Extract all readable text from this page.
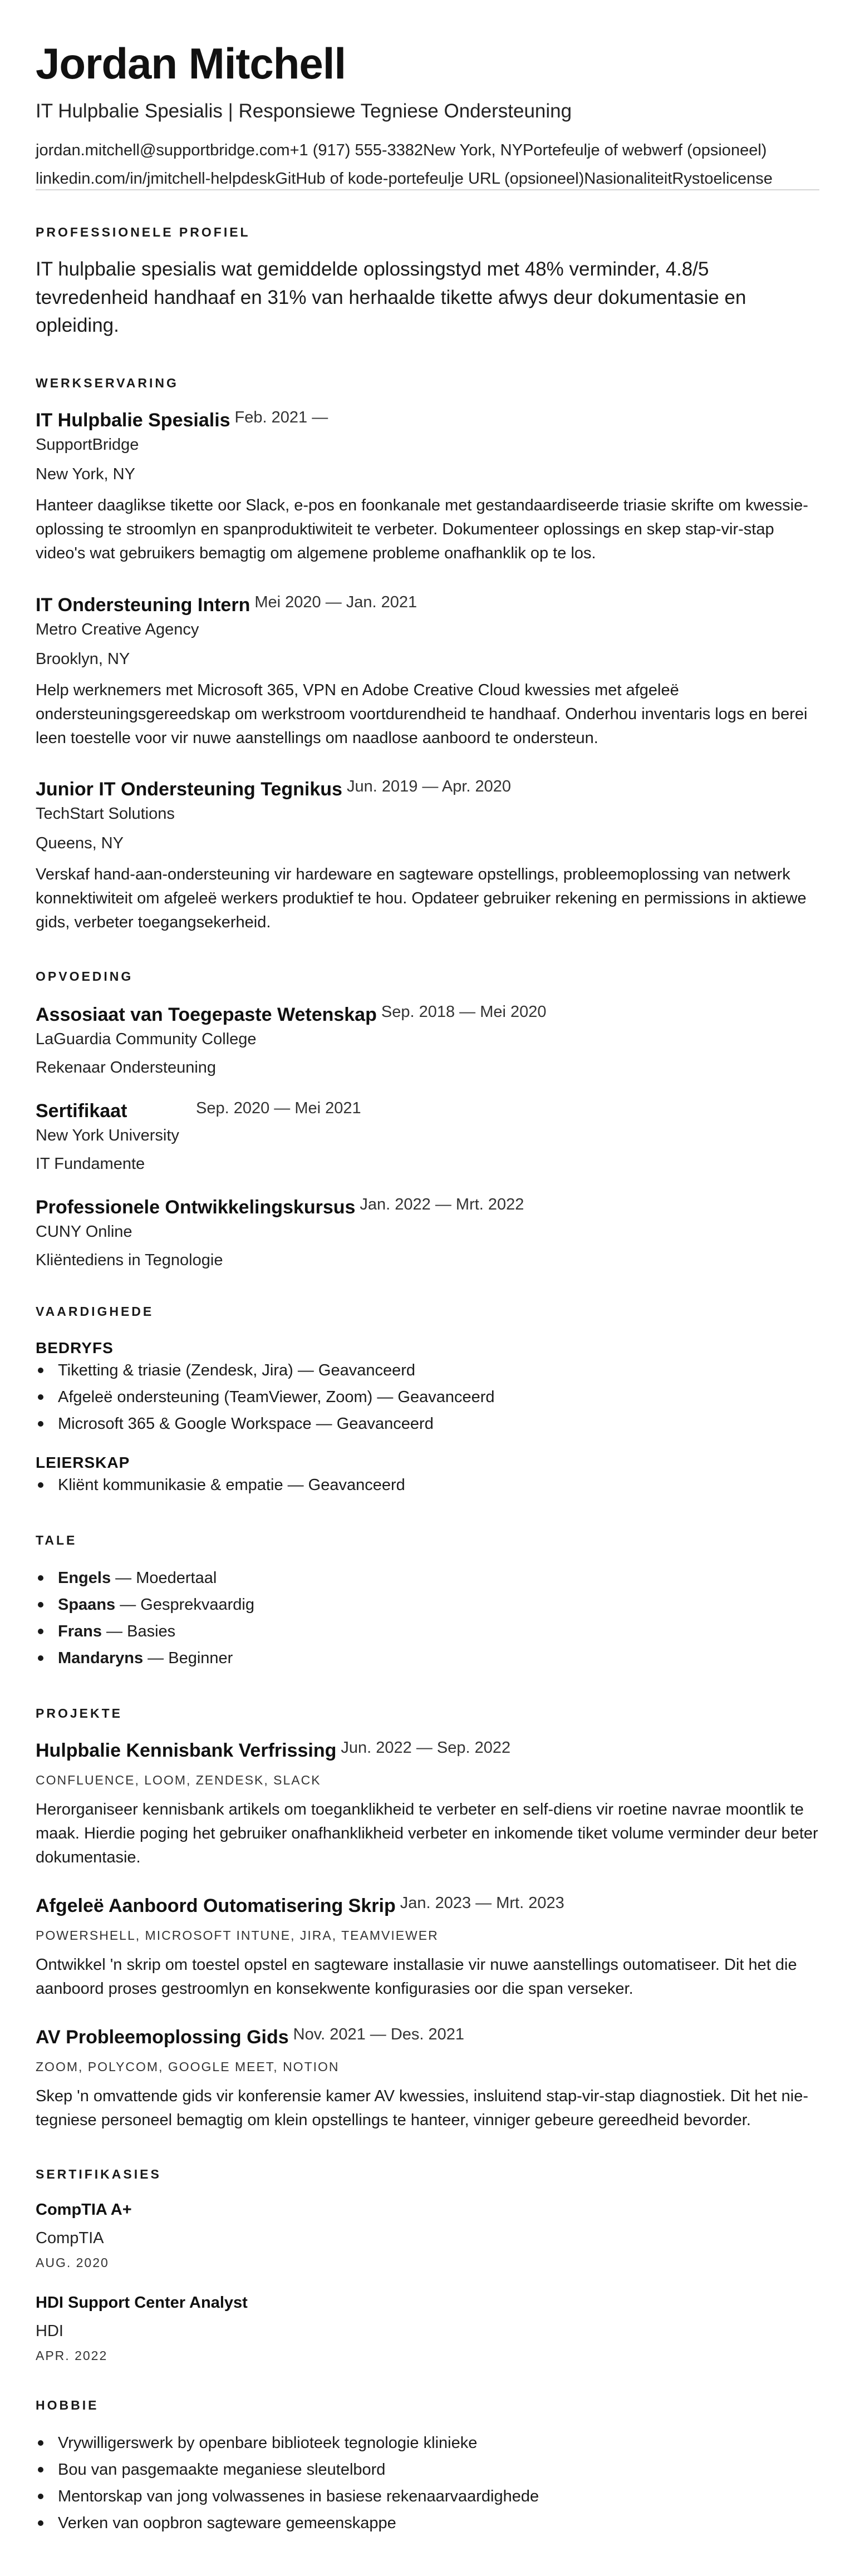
Jordan Mitchell
IT Hulpbalie Spesialis | Responsiewe Tegniese Ondersteuning
jordan.mitchell@supportbridge.com +1 (917) 555-3382 New York, NY Portefeulje of webwerf (opsioneel)
linkedin.com/in/jmitchell-helpdesk GitHub of kode-portefeulje URL (opsioneel) Nasionaliteit Rystoelicense
PROFESSIONELE PROFIEL
IT hulpbalie spesialis wat gemiddelde oplossingstyd met 48% verminder, 4.8/5 tevredenheid handhaaf en 31% van herhaalde tikette afwys deur dokumentasie en opleiding.
WERKSERVARING
IT Hulpbalie Spesialis Feb. 2021 —
SupportBridge
New York, NY
Hanteer daaglikse tikette oor Slack, e-pos en foonkanale met gestandaardiseerde triasie skrifte om kwessie-oplossing te stroomlyn en spanproduktiwiteit te verbeter. Dokumenteer oplossings en skep stap-vir-stap video's wat gebruikers bemagtig om algemene probleme onafhanklik op te los.
IT Ondersteuning Intern Mei 2020 — Jan. 2021
Metro Creative Agency
Brooklyn, NY
Help werknemers met Microsoft 365, VPN en Adobe Creative Cloud kwessies met afgeleë ondersteuningsgereedskap om werkstroom voortdurendheid te handhaaf. Onderhou inventaris logs en berei leen toestelle voor vir nuwe aanstellings om naadlose aanboord te ondersteun.
Junior IT Ondersteuning Tegnikus Jun. 2019 — Apr. 2020
TechStart Solutions
Queens, NY
Verskaf hand-aan-ondersteuning vir hardeware en sagteware opstellings, probleemoplossing van netwerk konnektiwiteit om afgeleë werkers produktief te hou. Opdateer gebruiker rekening en permissions in aktiewe gids, verbeter toegangsekerheid.
OPVOEDING
Assosiaat van Toegepaste Wetenskap Sep. 2018 — Mei 2020
LaGuardia Community College
Rekenaar Ondersteuning
Sertifikaat	Sep. 2020 — Mei 2021
New York University
IT Fundamente
Professionele Ontwikkelingskursus Jan. 2022 — Mrt. 2022
CUNY Online
Kliëntediens in Tegnologie
VAARDIGHEDE
BEDRYFS
Tiketting & triasie (Zendesk, Jira) — Geavanceerd
Afgeleë ondersteuning (TeamViewer, Zoom) — Geavanceerd
Microsoft 365 & Google Workspace — Geavanceerd
LEIERSKAP
Kliënt kommunikasie & empatie — Geavanceerd
TALE
Engels — Moedertaal
Spaans — Gesprekvaardig
Frans — Basies
Mandaryns — Beginner
PROJEKTE
Hulpbalie Kennisbank Verfrissing Jun. 2022 — Sep. 2022
CONFLUENCE, LOOM, ZENDESK, SLACK
Herorganiseer kennisbank artikels om toeganklikheid te verbeter en self-diens vir roetine navrae moontlik te maak. Hierdie poging het gebruiker onafhanklikheid verbeter en inkomende tiket volume verminder deur beter dokumentasie.
Afgeleë Aanboord Outomatisering Skrip Jan. 2023 — Mrt. 2023
POWERSHELL, MICROSOFT INTUNE, JIRA, TEAMVIEWER
Ontwikkel 'n skrip om toestel opstel en sagteware installasie vir nuwe aanstellings outomatiseer. Dit het die aanboord proses gestroomlyn en konsekwente konfigurasies oor die span verseker.
AV Probleemoplossing Gids Nov. 2021 — Des. 2021
ZOOM, POLYCOM, GOOGLE MEET, NOTION
Skep 'n omvattende gids vir konferensie kamer AV kwessies, insluitend stap-vir-stap diagnostiek. Dit het nie-tegniese personeel bemagtig om klein opstellings te hanteer, vinniger gebeure gereedheid bevorder.
SERTIFIKASIES
CompTIA A+
CompTIA
AUG. 2020
HDI Support Center Analyst
HDI
APR. 2022
HOBBIE
Vrywilligerswerk by openbare biblioteek tegnologie klinieke
Bou van pasgemaakte meganiese sleutelbord
Mentorskap van jong volwassenes in basiese rekenaarvaardighede
Verken van oopbron sagteware gemeenskappe
